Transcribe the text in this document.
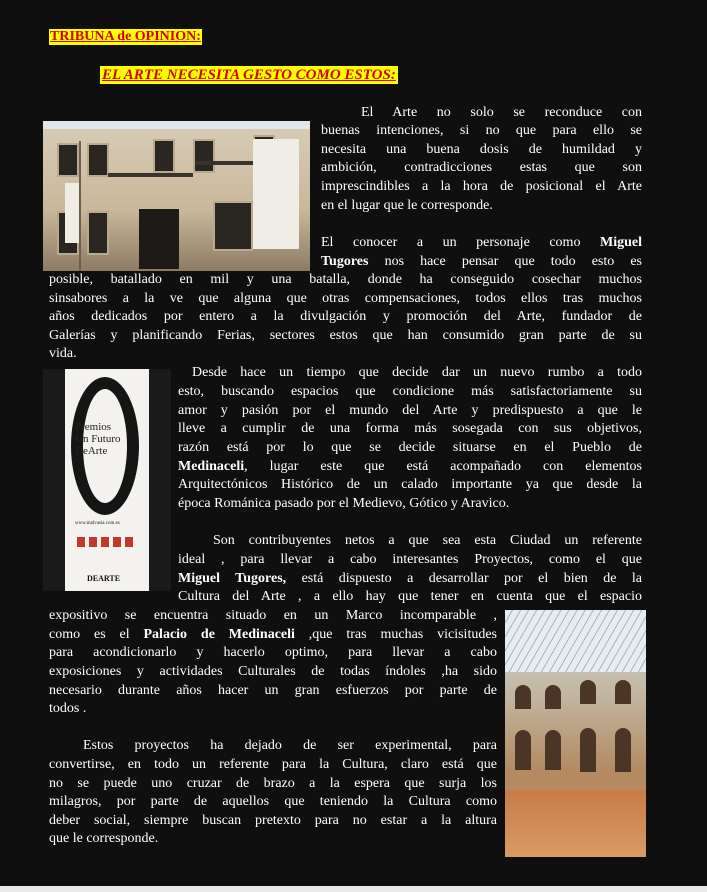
TRIBUNA de OPINION:
EL ARTE NECESITA GESTO COMO ESTOS:
Premios
Un Futuro
DeArte
www.malvasia.com.es
DEARTE
El Arte no solo se reconduce con
buenas intenciones, si no que para ello se
necesita una buena dosis de humildad y
ambición, contradicciones estas que son
imprescindibles a la hora de posicional el Arte
en el lugar que le corresponde.
El conocer a un personaje como Miguel
Tugores nos hace pensar que todo esto es
posible, batallado en mil y una batalla, donde ha conseguido cosechar muchos
sinsabores a la ve que alguna que otras compensaciones, todos ellos tras muchos
años dedicados por entero a la divulgación y promoción del Arte, fundador de
Galerías y planificando Ferias, sectores estos que han consumido gran parte de su
vida.
Desde hace un tiempo que decide dar un nuevo rumbo a todo
esto, buscando espacios que condicione más satisfactoriamente su
amor y pasión por el mundo del Arte y predispuesto a que le
lleve a cumplir de una forma más sosegada con sus objetivos,
razón está por lo que se decide situarse en el Pueblo de
Medinaceli, lugar este que está acompañado con elementos
Arquitectónicos Histórico de un calado importante ya que desde la
época Románica pasado por el Medievo, Gótico y Aravico.
Son contribuyentes netos a que sea esta Ciudad un referente
ideal , para llevar a cabo interesantes Proyectos, como el que
Miguel Tugores, está dispuesto a desarrollar por el bien de la
Cultura del Arte , a ello hay que tener en cuenta que el espacio
expositivo se encuentra situado en un Marco incomparable ,
como es el Palacio de Medinaceli ,que tras muchas vicisitudes
para acondicionarlo y hacerlo optimo, para llevar a cabo
exposiciones y actividades Culturales de todas índoles ,ha sido
necesario durante años hacer un gran esfuerzos por parte de
todos .
Estos proyectos ha dejado de ser experimental, para
convertirse, en todo un referente para la Cultura, claro está que
no se puede uno cruzar de brazo a la espera que surja los
milagros, por parte de aquellos que teniendo la Cultura como
deber social, siempre buscan pretexto para no estar a la altura
que le corresponde.
